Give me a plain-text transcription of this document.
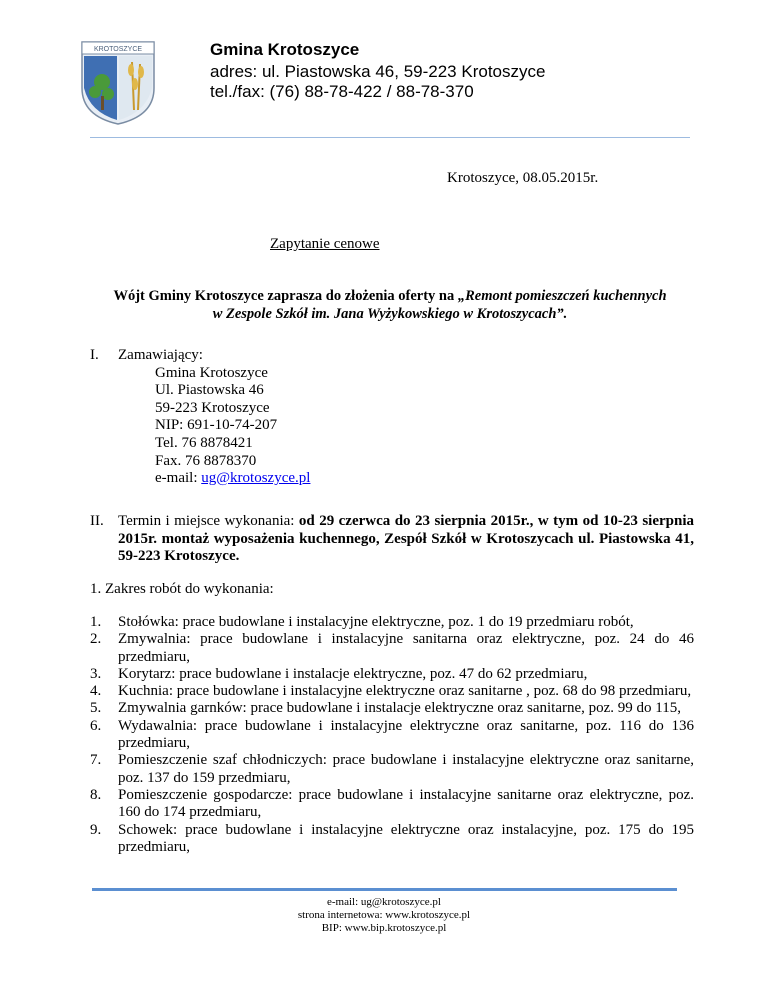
KROTOSZYCE	Gmina Krotoszyce
adres: ul. Piastowska 46, 59-223 Krotoszyce
tel./fax: (76) 88-78-422 / 88-78-370
Krotoszyce, 08.05.2015r.
Zapytanie cenowe
Wójt Gminy Krotoszyce zaprasza do złożenia oferty na „Remont pomieszczeń kuchennych
w Zespole Szkół im. Jana Wyżykowskiego w Krotoszycach”.
I. Zamawiający:
Gmina Krotoszyce
Ul. Piastowska 46
59-223 Krotoszyce
NIP: 691-10-74-207
Tel. 76 8878421
Fax. 76 8878370
e-mail: ug@krotoszyce.pl
II. Termin i miejsce wykonania: od 29 czerwca do 23 sierpnia 2015r., w tym od 10-23 sierpnia 2015r. montaż wyposażenia kuchennego, Zespół Szkół w Krotoszycach ul. Piastowska 41, 59-223 Krotoszyce.
1. Zakres robót do wykonania:
1.	Stołówka: prace budowlane i instalacyjne elektryczne, poz. 1 do 19 przedmiaru robót,
2.	Zmywalnia: prace budowlane i instalacyjne sanitarna oraz elektryczne, poz. 24 do 46 przedmiaru,
3.	Korytarz: prace budowlane i instalacje elektryczne, poz. 47 do 62 przedmiaru,
4.	Kuchnia: prace budowlane i instalacyjne elektryczne oraz sanitarne , poz. 68 do 98 przedmiaru,
5.	Zmywalnia garnków: prace budowlane i instalacje elektryczne oraz sanitarne, poz. 99 do 115,
6.	Wydawalnia: prace budowlane i instalacyjne elektryczne oraz sanitarne, poz. 116 do 136 przedmiaru,
7.	Pomieszczenie szaf chłodniczych: prace budowlane i instalacyjne elektryczne oraz sanitarne, poz. 137 do 159 przedmiaru,
8.	Pomieszczenie gospodarcze: prace budowlane i instalacyjne sanitarne oraz elektryczne, poz. 160 do 174 przedmiaru,
9.	Schowek: prace budowlane i instalacyjne elektryczne oraz instalacyjne, poz. 175 do 195 przedmiaru,
e-mail: ug@krotoszyce.pl
strona internetowa: www.krotoszyce.pl
BIP: www.bip.krotoszyce.pl
